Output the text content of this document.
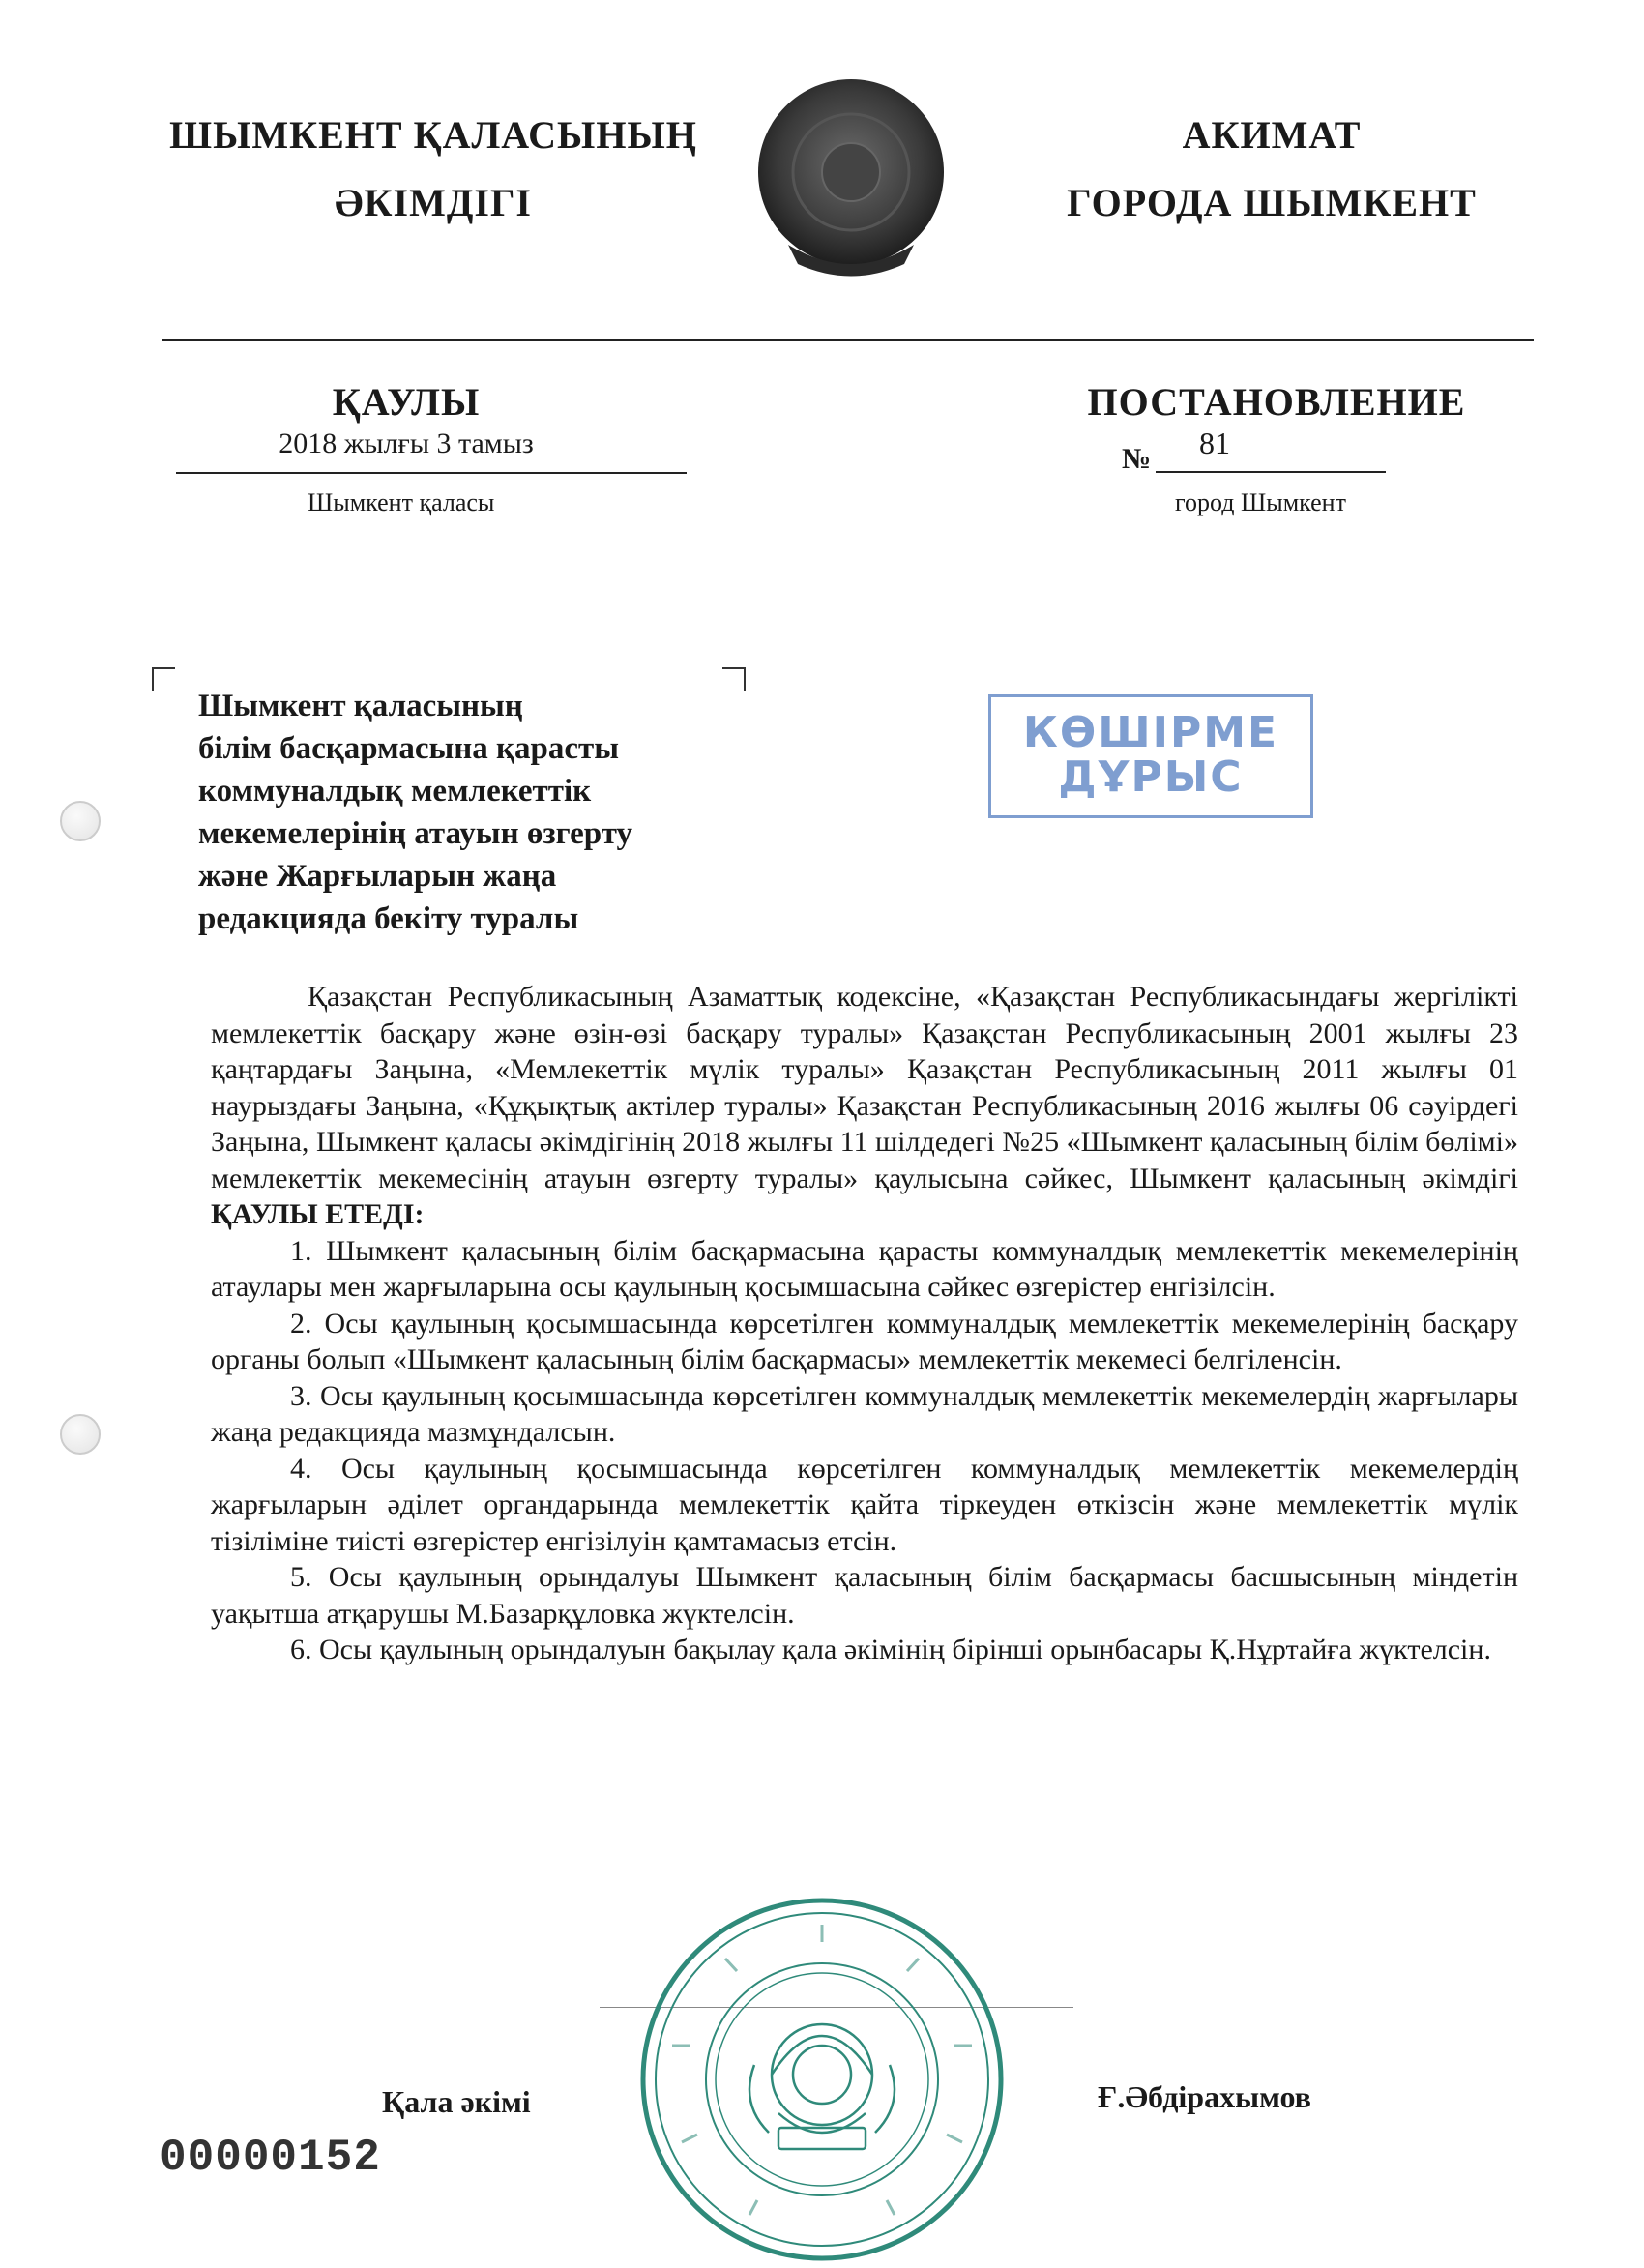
ШЫМКЕНТ ҚАЛАСЫНЫҢ
ӘКІМДІГІ
АКИМАТ
ГОРОДА ШЫМКЕНТ
ҚАУЛЫ
2018 жылғы 3 тамыз
Шымкент қаласы
ПОСТАНОВЛЕНИЕ
№ 81
город Шымкент
Шымкент қаласының
білім басқармасына қарасты
коммуналдық мемлекеттік
мекемелерінің атауын өзгерту
және Жарғыларын жаңа
редакцияда бекіту туралы
КӨШІРМЕ
ДҰРЫС

Қазақстан Республикасының Азаматтық кодексіне, «Қазақстан Республикасындағы жергілікті мемлекеттік басқару және өзін-өзі басқару туралы» Қазақстан Республикасының 2001 жылғы 23 қаңтардағы Заңына, «Мемлекеттік мүлік туралы» Қазақстан Республикасының 2011 жылғы 01 наурыздағы Заңына, «Құқықтық актілер туралы» Қазақстан Республикасының 2016 жылғы 06 сәуірдегі Заңына, Шымкент қаласы әкімдігінің 2018 жылғы 11 шілдедегі №25 «Шымкент қаласының білім бөлімі» мемлекеттік мекемесінің атауын өзгерту туралы» қаулысына сәйкес, Шымкент қаласының әкімдігі ҚАУЛЫ ЕТЕДІ:

1. Шымкент қаласының білім басқармасына қарасты коммуналдық мемлекеттік мекемелерінің атаулары мен жарғыларына осы қаулының қосымшасына сәйкес өзгерістер енгізілсін.

2. Осы қаулының қосымшасында көрсетілген коммуналдық мемлекеттік мекемелерінің басқару органы болып «Шымкент қаласының білім басқармасы» мемлекеттік мекемесі белгіленсін.

3. Осы қаулының қосымшасында көрсетілген коммуналдық мемлекеттік мекемелердің жарғылары жаңа редакцияда мазмұндалсын.

4. Осы қаулының қосымшасында көрсетілген коммуналдық мемлекеттік мекемелердің жарғыларын әділет органдарында мемлекеттік қайта тіркеуден өткізсін және мемлекеттік мүлік тізіліміне тиісті өзгерістер енгізілуін қамтамасыз етсін.

5. Осы қаулының орындалуы Шымкент қаласының білім басқармасы басшысының міндетін уақытша атқарушы М.Базарқұловка жүктелсін.

6. Осы қаулының орындалуын бақылау қала әкімінің бірінші орынбасары Қ.Нұртайға жүктелсін.

Қала әкімі	Ғ.Әбдірахымов
00000152
